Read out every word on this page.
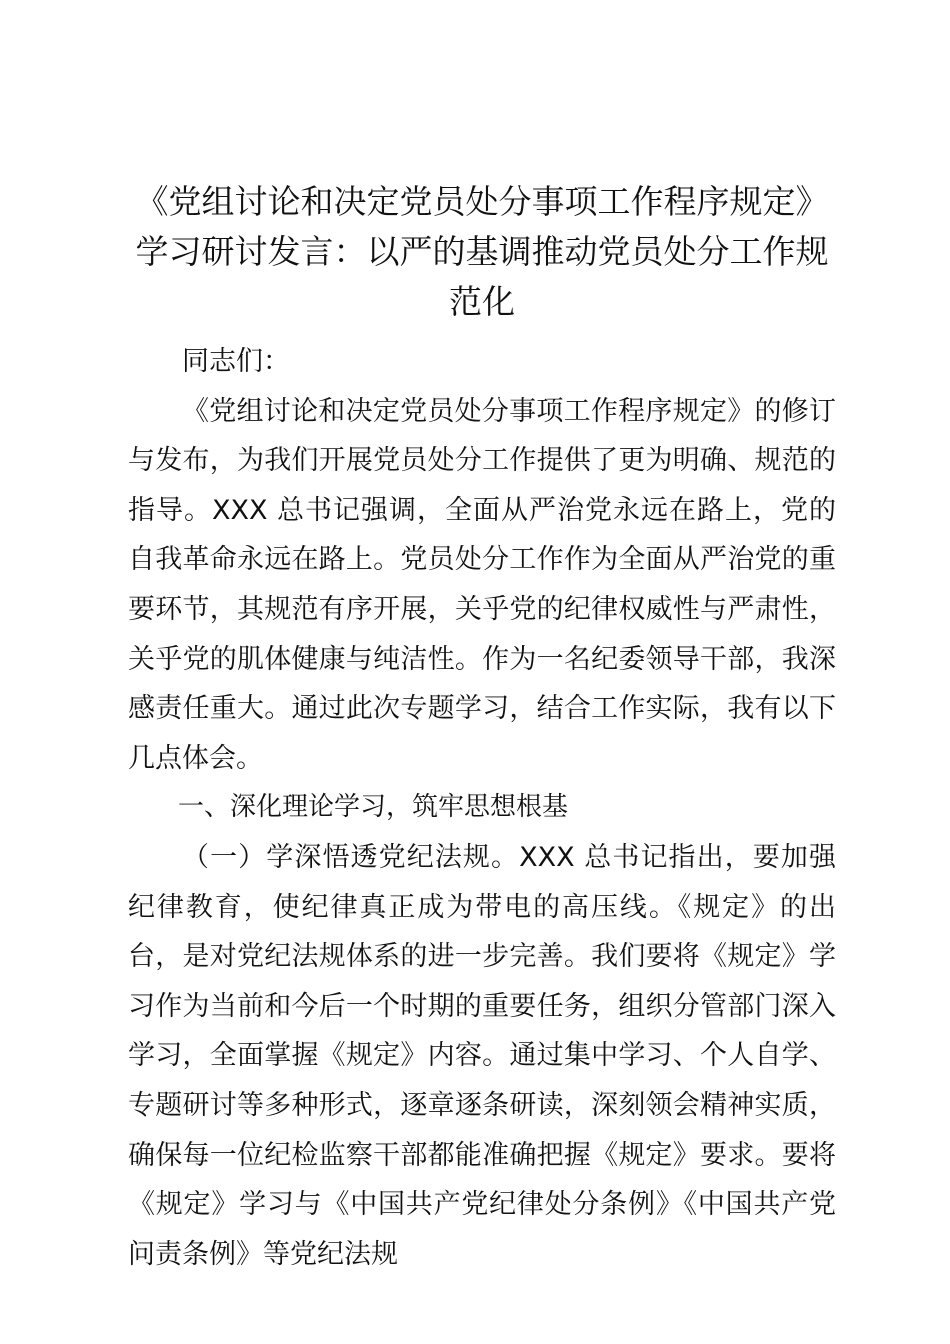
《党组讨论和决定党员处分事项工作程序规定》学习研讨发言：以严的基调推动党员处分工作规范化

同志们：

《党组讨论和决定党员处分事项工作程序规定》的修订与发布，为我们开展党员处分工作提供了更为明确、规范的指导。XXX 总书记强调，全面从严治党永远在路上，党的自我革命永远在路上。党员处分工作作为全面从严治党的重要环节，其规范有序开展，关乎党的纪律权威性与严肃性，关乎党的肌体健康与纯洁性。作为一名纪委领导干部，我深感责任重大。通过此次专题学习，结合工作实际，我有以下几点体会。

一、深化理论学习，筑牢思想根基

（一）学深悟透党纪法规。XXX 总书记指出，要加强纪律教育，使纪律真正成为带电的高压线。《规定》的出台，是对党纪法规体系的进一步完善。我们要将《规定》学习作为当前和今后一个时期的重要任务，组织分管部门深入学习，全面掌握《规定》内容。通过集中学习、个人自学、专题研讨等多种形式，逐章逐条研读，深刻领会精神实质，确保每一位纪检监察干部都能准确把握《规定》要求。要将《规定》学习与《中国共产党纪律处分条例》《中国共产党问责条例》等党纪法规
